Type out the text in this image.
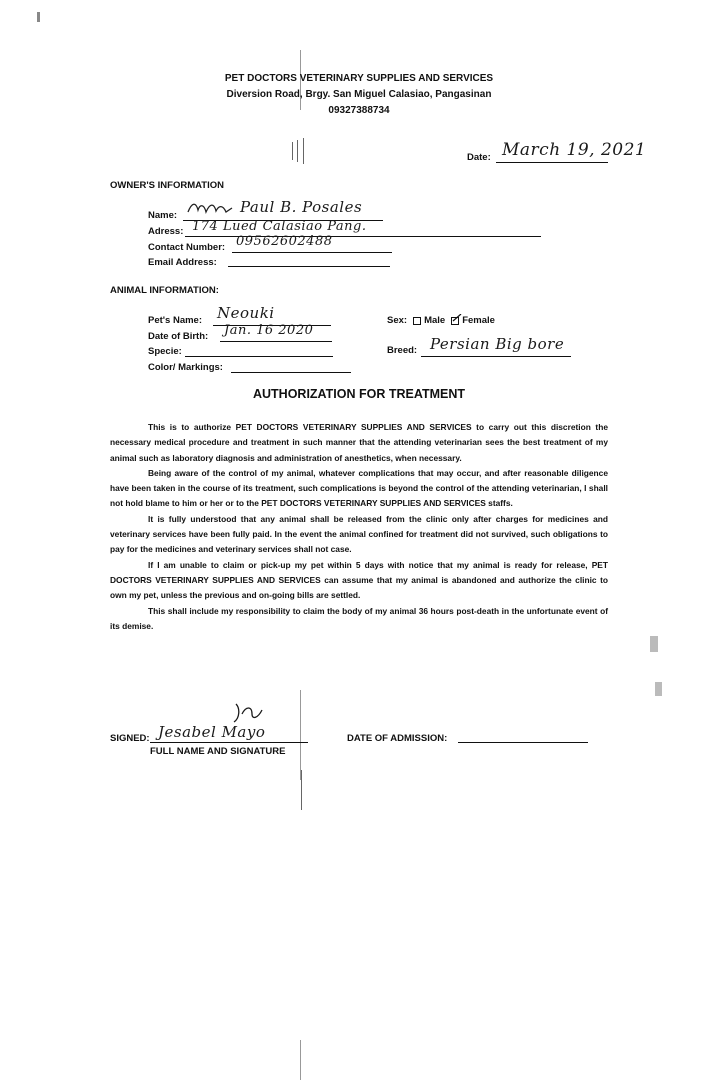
PET DOCTORS VETERINARY SUPPLIES AND SERVICES
Diversion Road, Brgy. San Miguel Calasiao, Pangasinan
09327388734
Date: March 19, 2021
OWNER'S INFORMATION
Name:	Paul B. Posales
Adress: 174 Lued Calasiao Pang.
Contact Number: 09562602488
Email Address:
ANIMAL INFORMATION:
Pet's Name: Neouki
Date of Birth: Jan. 16 2020
Specie:
Color/ Markings:
Sex: Male Female
Breed: Persian Big bore
AUTHORIZATION FOR TREATMENT

This is to authorize PET DOCTORS VETERINARY SUPPLIES AND SERVICES to carry out this discretion the necessary medical procedure and treatment in such manner that the attending veterinarian sees the best treatment of my animal such as laboratory diagnosis and administration of anesthetics, when necessary.

Being aware of the control of my animal, whatever complications that may occur, and after reasonable diligence have been taken in the course of its treatment, such complications is beyond the control of the attending veterinarian, I shall not hold blame to him or her or to the PET DOCTORS VETERINARY SUPPLIES AND SERVICES staffs.

It is fully understood that any animal shall be released from the clinic only after charges for medicines and veterinary services have been fully paid. In the event the animal confined for treatment did not survived, such obligations to pay for the medicines and veterinary services shall not case.

If I am unable to claim or pick-up my pet within 5 days with notice that my animal is ready for release, PET DOCTORS VETERINARY SUPPLIES AND SERVICES can assume that my animal is abandoned and authorize the clinic to own my pet, unless the previous and on-going bills are settled.

This shall include my responsibility to claim the body of my animal 36 hours post-death in the unfortunate event of its demise.

SIGNED: Jesabel Mayo
FULL NAME AND SIGNATURE
DATE OF ADMISSION:
